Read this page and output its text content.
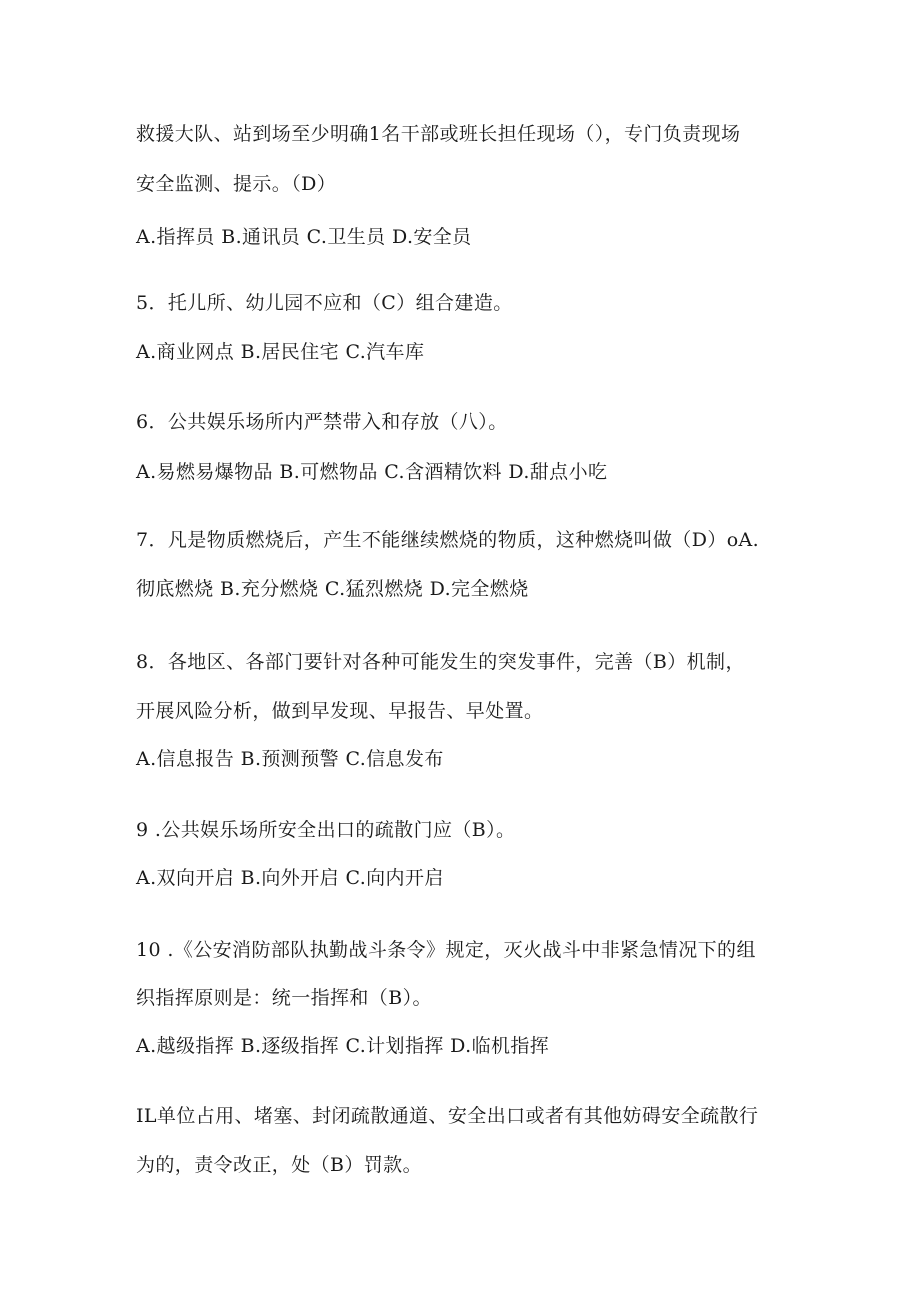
救援大队、站到场至少明确1名干部或班长担任现场（），专门负责现场
安全监测、提示。（D）
A.指挥员 B.通讯员 C.卫生员 D.安全员
5．托儿所、幼儿园不应和（C）组合建造。
A.商业网点 B.居民住宅 C.汽车库
6．公共娱乐场所内严禁带入和存放（八）。
A.易燃易爆物品 B.可燃物品 C.含酒精饮料 D.甜点小吃
7．凡是物质燃烧后，产生不能继续燃烧的物质，这种燃烧叫做（D）oA.
彻底燃烧 B.充分燃烧 C.猛烈燃烧 D.完全燃烧
8．各地区、各部门要针对各种可能发生的突发事件，完善（B）机制，
开展风险分析，做到早发现、早报告、早处置。
A.信息报告 B.预测预警 C.信息发布
9 .公共娱乐场所安全出口的疏散门应（B）。
A.双向开启 B.向外开启 C.向内开启
10 .《公安消防部队执勤战斗条令》规定，灭火战斗中非紧急情况下的组
织指挥原则是：统一指挥和（B）。
A.越级指挥 B.逐级指挥 C.计划指挥 D.临机指挥
IL单位占用、堵塞、封闭疏散通道、安全出口或者有其他妨碍安全疏散行
为的，责令改正，处（B）罚款。
